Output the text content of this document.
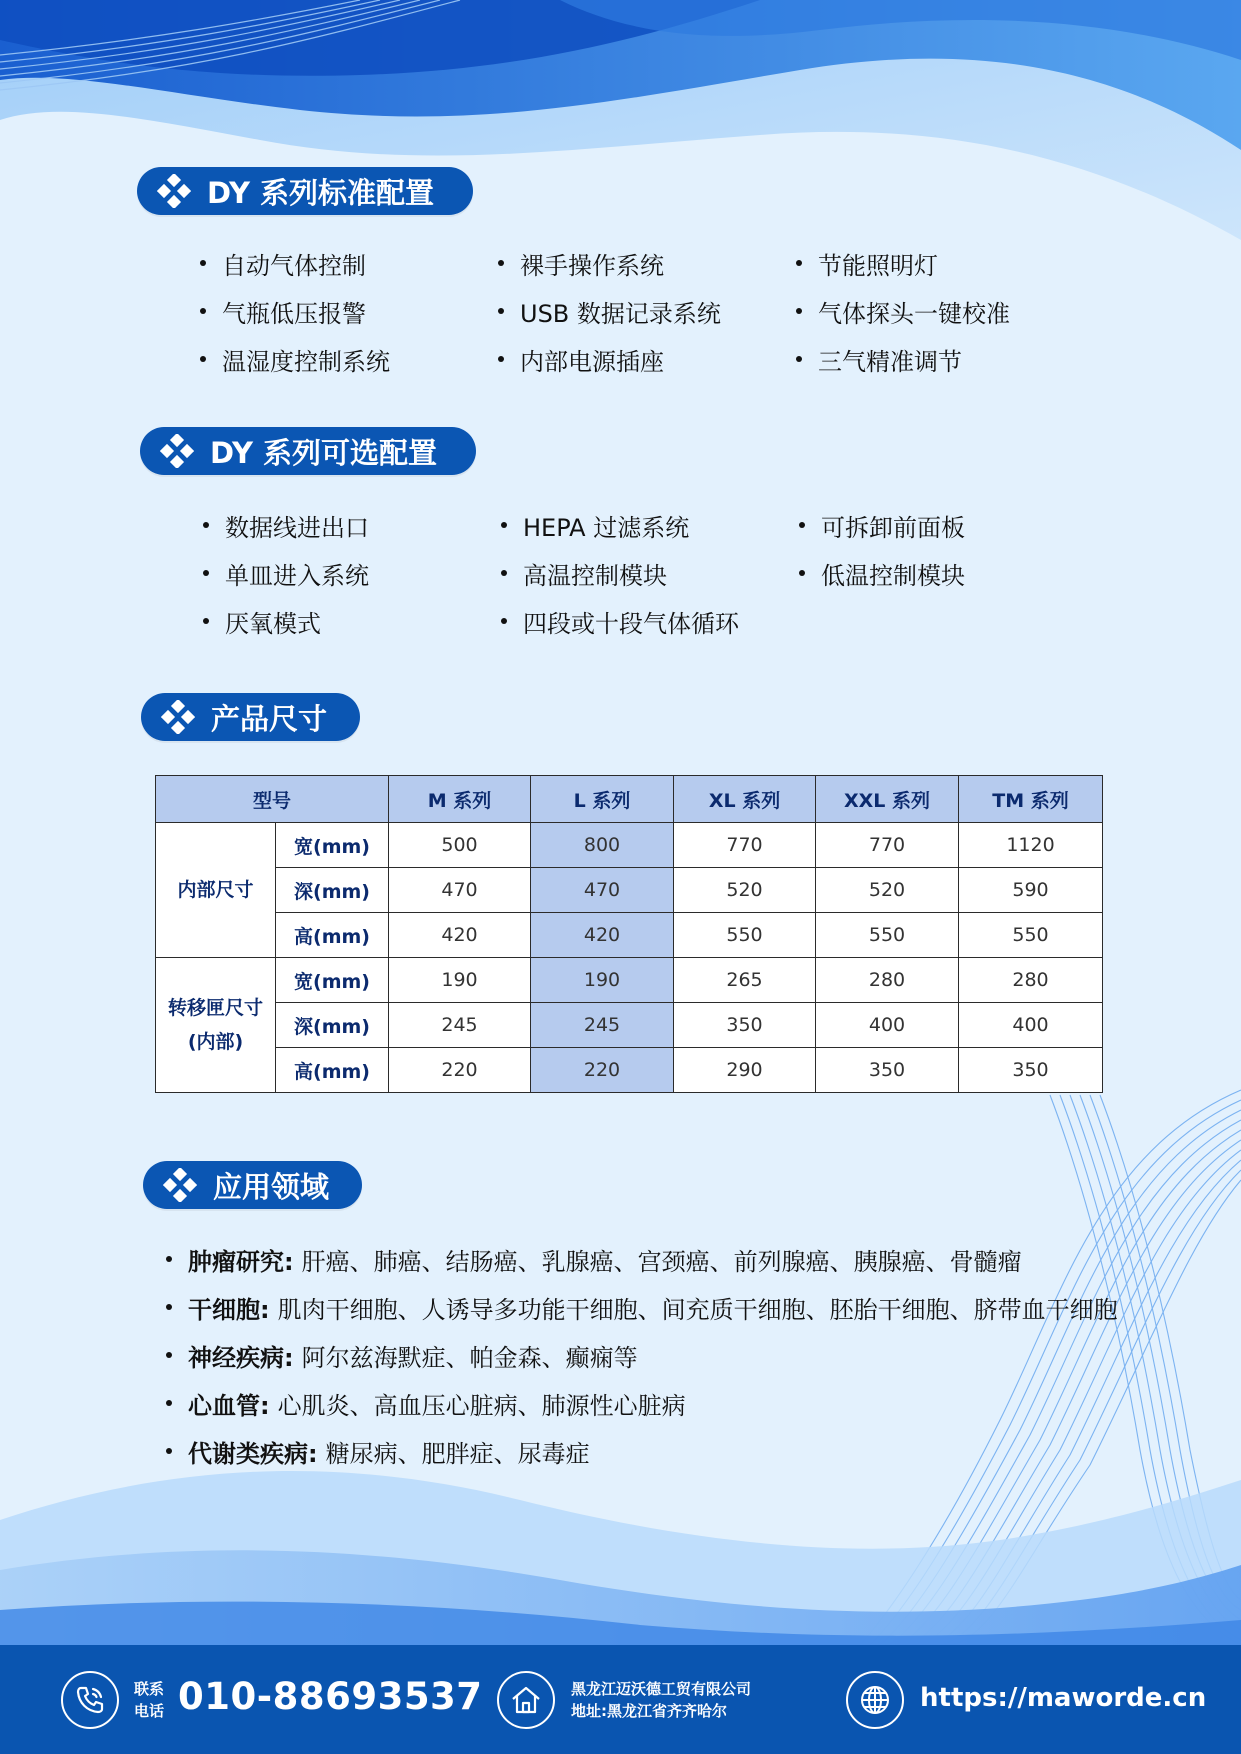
DY 系列标准配置
自动气体控制	裸手操作系统	节能照明灯
气瓶低压报警	USB 数据记录系统	气体探头一键校准
温湿度控制系统	内部电源插座	三气精准调节
DY 系列可选配置
数据线进出口	HEPA 过滤系统	可拆卸前面板
单皿进入系统	高温控制模块	低温控制模块
厌氧模式	四段或十段气体循环
产品尺寸
型号		M 系列	L 系列	XL 系列	XXL 系列	TM 系列
内部尺寸	宽(mm)	500	800	770	770	1120
	深(mm)	470	470	520	520	590
	高(mm)	420	420	550	550	550

转移匣尺寸
(内部)	宽(mm)	190	190	265	280	280
	深(mm)	245	245	350	400	400
	高(mm)	220	220	290	350	350
应用领域
肿瘤研究: 肝癌、肺癌、结肠癌、乳腺癌、宫颈癌、前列腺癌、胰腺癌、骨髓瘤
干细胞: 肌肉干细胞、人诱导多功能干细胞、间充质干细胞、胚胎干细胞、脐带血干细胞
神经疾病: 阿尔兹海默症、帕金森、癫痫等
心血管: 心肌炎、高血压心脏病、肺源性心脏病
代谢类疾病: 糖尿病、肥胖症、尿毒症
联系
电话 010-88693537	黑龙江迈沃德工贸有限公司
地址:黑龙江省齐齐哈尔	https://maworde.cn
